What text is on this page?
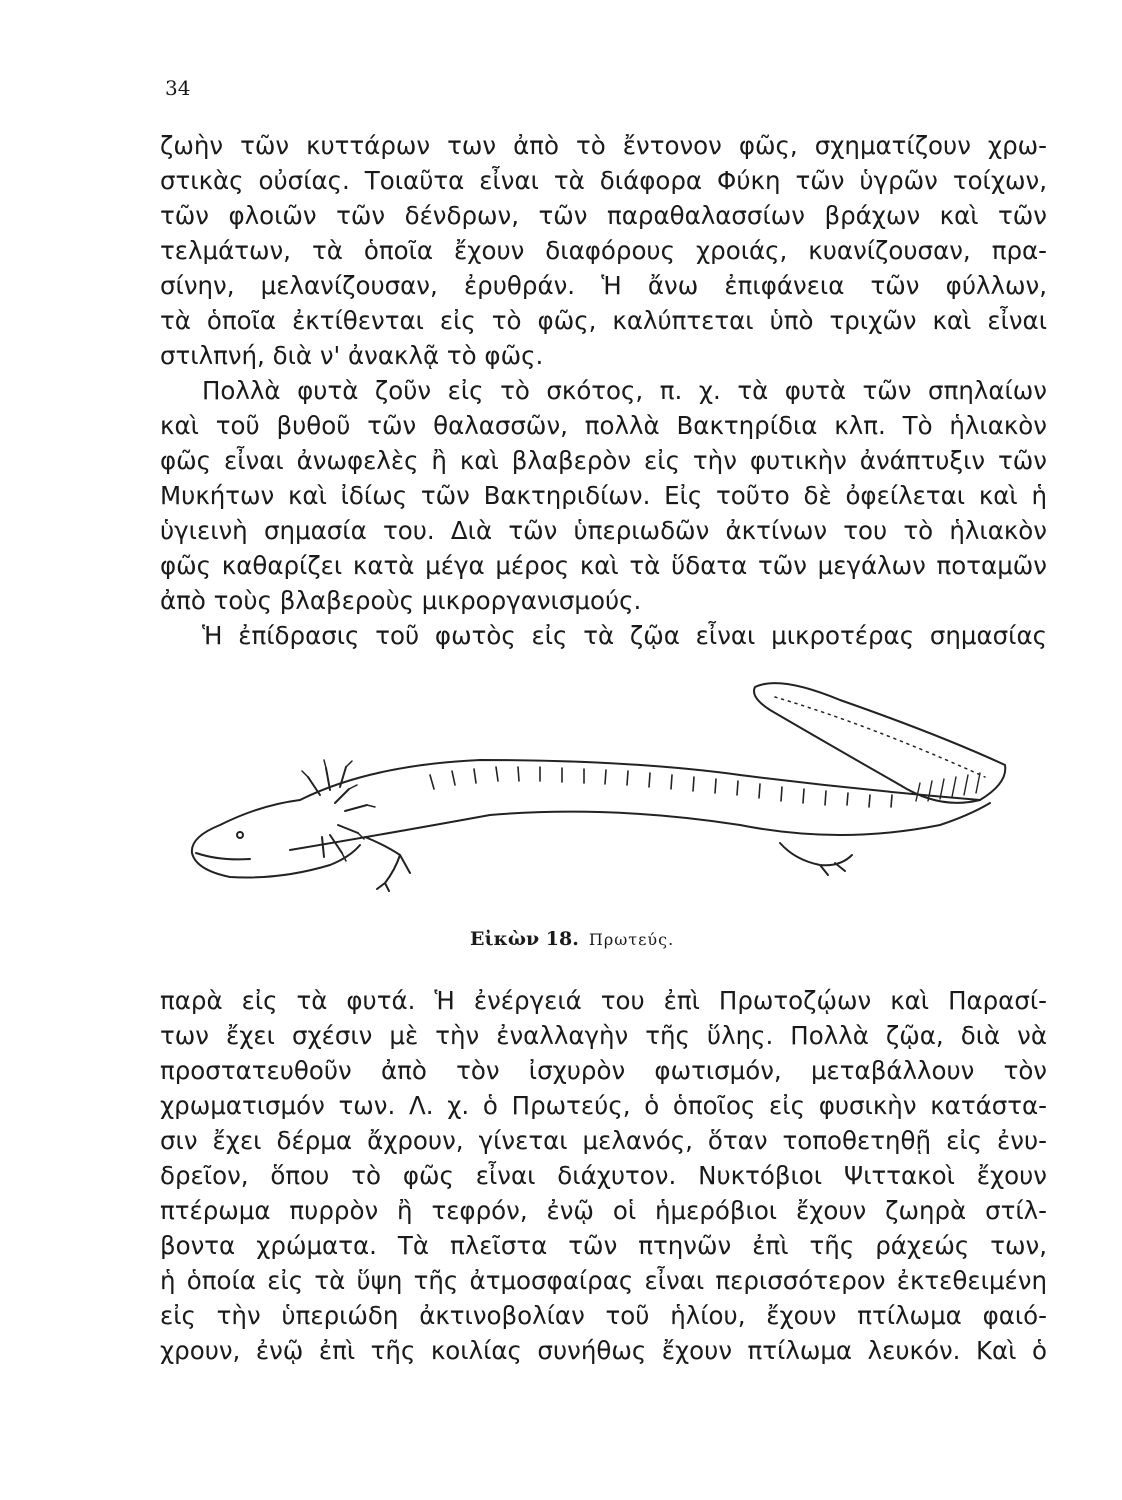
34
ζωὴν τῶν κυττάρων των ἀπὸ τὸ ἔντονον φῶς, σχηματίζουν χρω-
στικὰς οὐσίας. Τοιαῦτα εἶναι τὰ διάφορα Φύκη τῶν ὑγρῶν τοίχων,
τῶν φλοιῶν τῶν δένδρων, τῶν παραθαλασσίων βράχων καὶ τῶν
τελμάτων, τὰ ὁποῖα ἔχουν διαφόρους χροιάς, κυανίζουσαν, πρα-
σίνην, μελανίζουσαν, ἐρυθράν. Ἡ ἄνω ἐπιφάνεια τῶν φύλλων,
τὰ ὁποῖα ἐκτίθενται εἰς τὸ φῶς, καλύπτεται ὑπὸ τριχῶν καὶ εἶναι
στιλπνή, διὰ ν' ἀνακλᾷ τὸ φῶς.
Πολλὰ φυτὰ ζοῦν εἰς τὸ σκότος, π. χ. τὰ φυτὰ τῶν σπηλαίων
καὶ τοῦ βυθοῦ τῶν θαλασσῶν, πολλὰ Βακτηρίδια κλπ. Τὸ ἡλιακὸν
φῶς εἶναι ἀνωφελὲς ἢ καὶ βλαβερὸν εἰς τὴν φυτικὴν ἀνάπτυξιν τῶν
Μυκήτων καὶ ἰδίως τῶν Βακτηριδίων. Εἰς τοῦτο δὲ ὀφείλεται καὶ ἡ
ὑγιεινὴ σημασία του. Διὰ τῶν ὑπεριωδῶν ἀκτίνων του τὸ ἡλιακὸν
φῶς καθαρίζει κατὰ μέγα μέρος καὶ τὰ ὕδατα τῶν μεγάλων ποταμῶν
ἀπὸ τοὺς βλαβεροὺς μικροργανισμούς.
Ἡ ἐπίδρασις τοῦ φωτὸς εἰς τὰ ζῷα εἶναι μικροτέρας σημασίας
Εἰκὼν 18. Πρωτεύς.
παρὰ εἰς τὰ φυτά. Ἡ ἐνέργειά του ἐπὶ Πρωτοζῴων καὶ Παρασί-
των ἔχει σχέσιν μὲ τὴν ἐναλλαγὴν τῆς ὕλης. Πολλὰ ζῷα, διὰ νὰ
προστατευθοῦν ἀπὸ τὸν ἰσχυρὸν φωτισμόν, μεταβάλλουν τὸν
χρωματισμόν των. Λ. χ. ὁ Πρωτεύς, ὁ ὁποῖος εἰς φυσικὴν κατάστα-
σιν ἔχει δέρμα ἄχρουν, γίνεται μελανός, ὅταν τοποθετηθῇ εἰς ἐνυ-
δρεῖον, ὅπου τὸ φῶς εἶναι διάχυτον. Νυκτόβιοι Ψιττακοὶ ἔχουν
πτέρωμα πυρρὸν ἢ τεφρόν, ἐνῷ οἱ ἡμερόβιοι ἔχουν ζωηρὰ στίλ-
βοντα χρώματα. Τὰ πλεῖστα τῶν πτηνῶν ἐπὶ τῆς ράχεώς των,
ἡ ὁποία εἰς τὰ ὕψη τῆς ἀτμοσφαίρας εἶναι περισσότερον ἐκτεθειμένη
εἰς τὴν ὑπεριώδη ἀκτινοβολίαν τοῦ ἡλίου, ἔχουν πτίλωμα φαιό-
χρουν, ἐνῷ ἐπὶ τῆς κοιλίας συνήθως ἔχουν πτίλωμα λευκόν. Καὶ ὁ
